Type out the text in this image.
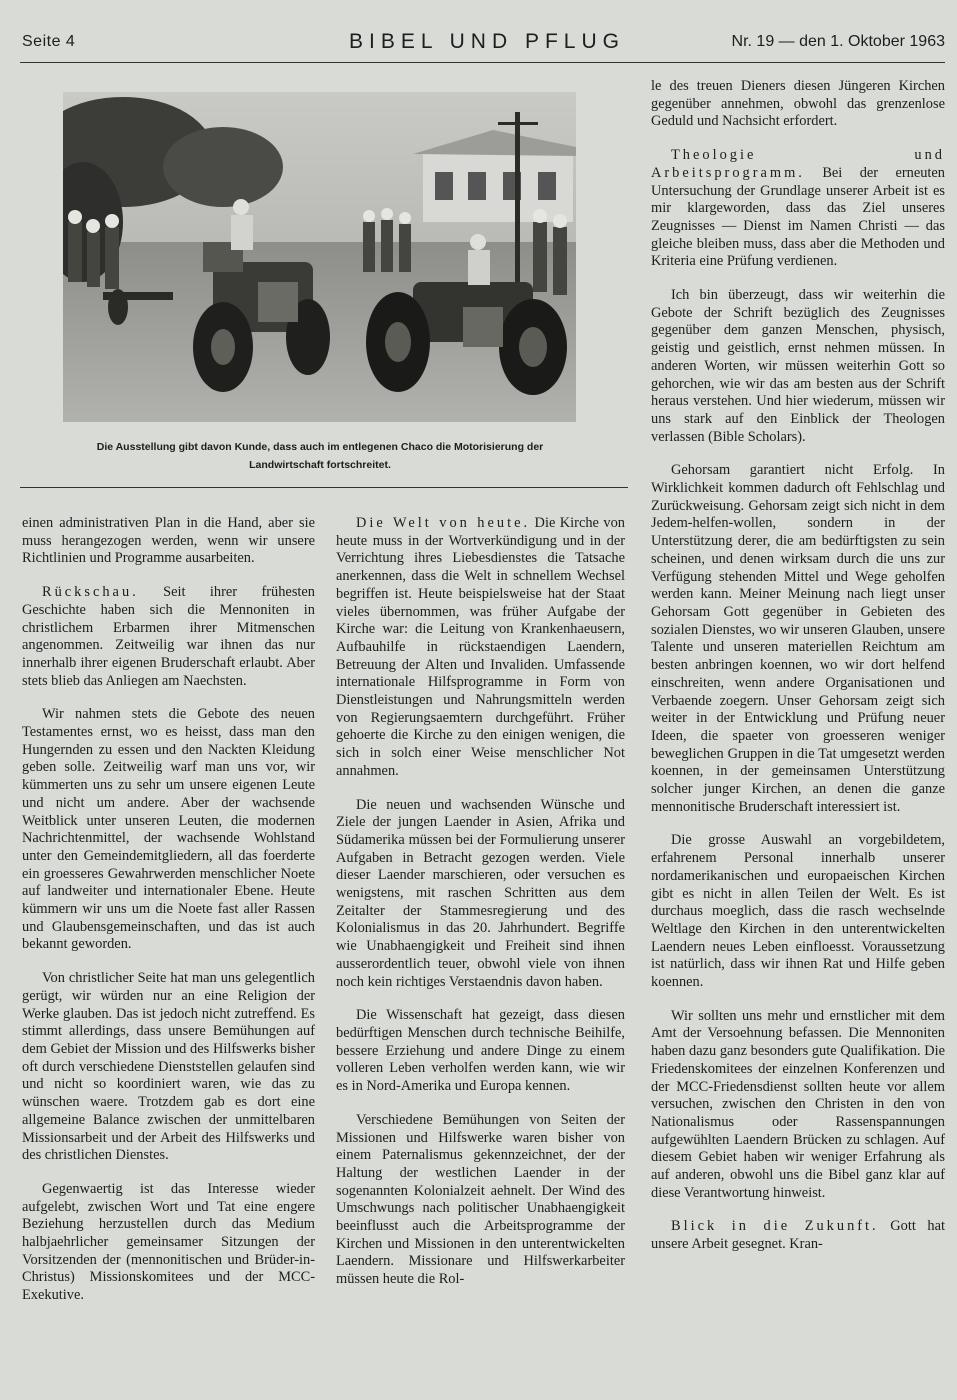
Seite 4	BIBEL UND PFLUG	Nr. 19 — den 1. Oktober 1963
Die Ausstellung gibt davon Kunde, dass auch im entlegenen Chaco die Motorisierung der Landwirtschaft fortschreitet.

einen administrativen Plan in die Hand, aber sie muss herangezogen werden, wenn wir unsere Richtlinien und Programme ausarbeiten.

Rückschau. Seit ihrer frühesten Geschichte haben sich die Mennoniten in christlichem Erbarmen ihrer Mitmenschen angenommen. Zeitweilig war ihnen das nur innerhalb ihrer eigenen Bruderschaft erlaubt. Aber stets blieb das Anliegen am Naechsten.

Wir nahmen stets die Gebote des neuen Testamentes ernst, wo es heisst, dass man den Hungernden zu essen und den Nackten Kleidung geben solle. Zeitweilig warf man uns vor, wir kümmerten uns zu sehr um unsere eigenen Leute und nicht um andere. Aber der wachsende Weitblick unter unseren Leuten, die modernen Nachrichtenmittel, der wachsende Wohlstand unter den Gemeindemitgliedern, all das foerderte ein groesseres Gewahrwerden menschlicher Noete auf landweiter und internationaler Ebene. Heute kümmern wir uns um die Noete fast aller Rassen und Glaubensgemeinschaften, und das ist auch bekannt geworden.

Von christlicher Seite hat man uns gelegentlich gerügt, wir würden nur an eine Religion der Werke glauben. Das ist jedoch nicht zutreffend. Es stimmt allerdings, dass unsere Bemühungen auf dem Gebiet der Mission und des Hilfswerks bisher oft durch verschiedene Dienststellen gelaufen sind und nicht so koordiniert waren, wie das zu wünschen waere. Trotzdem gab es dort eine allgemeine Balance zwischen der unmittelbaren Missionsarbeit und der Arbeit des Hilfswerks und des christlichen Dienstes.

Gegenwaertig ist das Interesse wieder aufgelebt, zwischen Wort und Tat eine engere Beziehung herzustellen durch das Medium halbjaehrlicher gemeinsamer Sitzungen der Vorsitzenden der (mennonitischen und Brüder-in-Christus) Missionskomitees und der MCC-Exekutive.

Die Welt von heute. Die Kirche von heute muss in der Wortverkündigung und in der Verrichtung ihres Liebesdienstes die Tatsache anerkennen, dass die Welt in schnellem Wechsel begriffen ist. Heute beispielsweise hat der Staat vieles übernommen, was früher Aufgabe der Kirche war: die Leitung von Krankenhaeusern, Aufbauhilfe in rückstaendigen Laendern, Betreuung der Alten und Invaliden. Umfassende internationale Hilfsprogramme in Form von Dienstleistungen und Nahrungsmitteln werden von Regierungsaemtern durchgeführt. Früher gehoerte die Kirche zu den einigen wenigen, die sich in solch einer Weise menschlicher Not annahmen.

Die neuen und wachsenden Wünsche und Ziele der jungen Laender in Asien, Afrika und Südamerika müssen bei der Formulierung unserer Aufgaben in Betracht gezogen werden. Viele dieser Laender marschieren, oder versuchen es wenigstens, mit raschen Schritten aus dem Zeitalter der Stammesregierung und des Kolonialismus in das 20. Jahrhundert. Begriffe wie Unabhaengigkeit und Freiheit sind ihnen ausserordentlich teuer, obwohl viele von ihnen noch kein richtiges Verstaendnis davon haben.

Die Wissenschaft hat gezeigt, dass diesen bedürftigen Menschen durch technische Beihilfe, bessere Erziehung und andere Dinge zu einem volleren Leben verholfen werden kann, wie wir es in Nord-Amerika und Europa kennen.

Verschiedene Bemühungen von Seiten der Missionen und Hilfswerke waren bisher von einem Paternalismus gekennzeichnet, der der Haltung der westlichen Laender in der sogenannten Kolonialzeit aehnelt. Der Wind des Umschwungs nach politischer Unabhaengigkeit beeinflusst auch die Arbeitsprogramme der Kirchen und Missionen in den unterentwickelten Laendern. Missionare und Hilfswerkarbeiter müssen heute die Rol-

le des treuen Dieners diesen Jüngeren Kirchen gegenüber annehmen, obwohl das grenzenlose Geduld und Nachsicht erfordert.

Theologie und Arbeitsprogramm. Bei der erneuten Untersuchung der Grundlage unserer Arbeit ist es mir klargeworden, dass das Ziel unseres Zeugnisses — Dienst im Namen Christi — das gleiche bleiben muss, dass aber die Methoden und Kriteria eine Prüfung verdienen.

Ich bin überzeugt, dass wir weiterhin die Gebote der Schrift bezüglich des Zeugnisses gegenüber dem ganzen Menschen, physisch, geistig und geistlich, ernst nehmen müssen. In anderen Worten, wir müssen weiterhin Gott so gehorchen, wie wir das am besten aus der Schrift heraus verstehen. Und hier wiederum, müssen wir uns stark auf den Einblick der Theologen verlassen (Bible Scholars).

Gehorsam garantiert nicht Erfolg. In Wirklichkeit kommen dadurch oft Fehlschlag und Zurückweisung. Gehorsam zeigt sich nicht in dem Jedem-helfen-wollen, sondern in der Unterstützung derer, die am bedürftigsten zu sein scheinen, und denen wirksam durch die uns zur Verfügung stehenden Mittel und Wege geholfen werden kann. Meiner Meinung nach liegt unser Gehorsam Gott gegenüber in Gebieten des sozialen Dienstes, wo wir unseren Glauben, unsere Talente und unseren materiellen Reichtum am besten anbringen koennen, wo wir dort helfend einschreiten, wenn andere Organisationen und Verbaende zoegern. Unser Gehorsam zeigt sich weiter in der Entwicklung und Prüfung neuer Ideen, die spaeter von groesseren weniger beweglichen Gruppen in die Tat umgesetzt werden koennen, in der gemeinsamen Unterstützung solcher junger Kirchen, an denen die ganze mennonitische Bruderschaft interessiert ist.

Die grosse Auswahl an vorgebildetem, erfahrenem Personal innerhalb unserer nordamerikanischen und europaeischen Kirchen gibt es nicht in allen Teilen der Welt. Es ist durchaus moeglich, dass die rasch wechselnde Weltlage den Kirchen in den unterentwickelten Laendern neues Leben einfloesst. Voraussetzung ist natürlich, dass wir ihnen Rat und Hilfe geben koennen.

Wir sollten uns mehr und ernstlicher mit dem Amt der Versoehnung befassen. Die Mennoniten haben dazu ganz besonders gute Qualifikation. Die Friedenskomitees der einzelnen Konferenzen und der MCC-Friedensdienst sollten heute vor allem versuchen, zwischen den Christen in den von Nationalismus oder Rassenspannungen aufgewühlten Laendern Brücken zu schlagen. Auf diesem Gebiet haben wir weniger Erfahrung als auf anderen, obwohl uns die Bibel ganz klar auf diese Verantwortung hinweist.

Blick in die Zukunft. Gott hat unsere Arbeit gesegnet. Kran-
